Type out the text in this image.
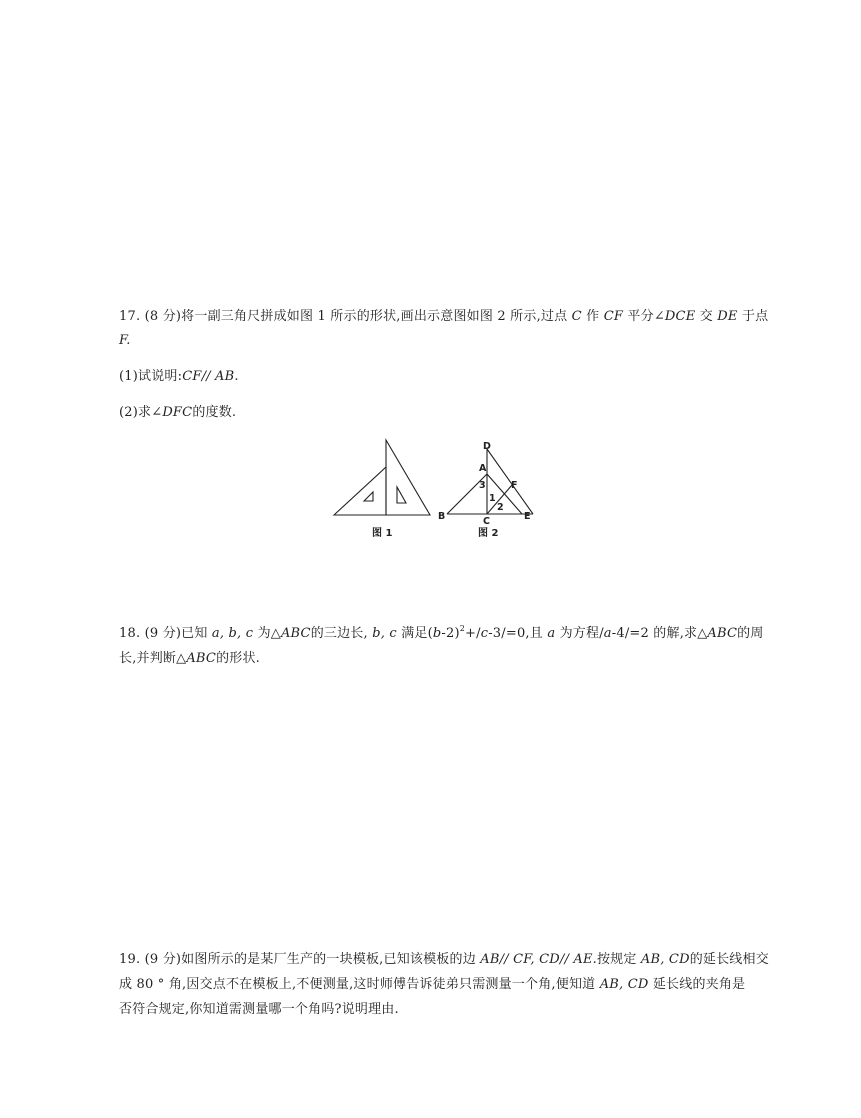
17. (8 分)将一副三角尺拼成如图 1 所示的形状,画出示意图如图 2 所示,过点 C 作 CF 平分∠DCE 交 DE 于点
F.
(1)试说明:CF// AB.
(2)求∠DFC的度数.
D
A
3	F
1
2
B	C	E
图 1	图 2
18. (9 分)已知 a, b, c 为△ABC的三边长, b, c 满足$(b-2)^2+/c-3/=0$,且 a 为方程/a-4/=2 的解,求△ABC的周
长,并判断△ABC的形状.
19. (9 分)如图所示的是某厂生产的一块模板,已知该模板的边 AB// CF, CD// AE.按规定 AB, CD的延长线相交
成 80 ° 角,因交点不在模板上,不便测量,这时师傅告诉徒弟只需测量一个角,便知道 AB, CD 延长线的夹角是
否符合规定,你知道需测量哪一个角吗?说明理由.
